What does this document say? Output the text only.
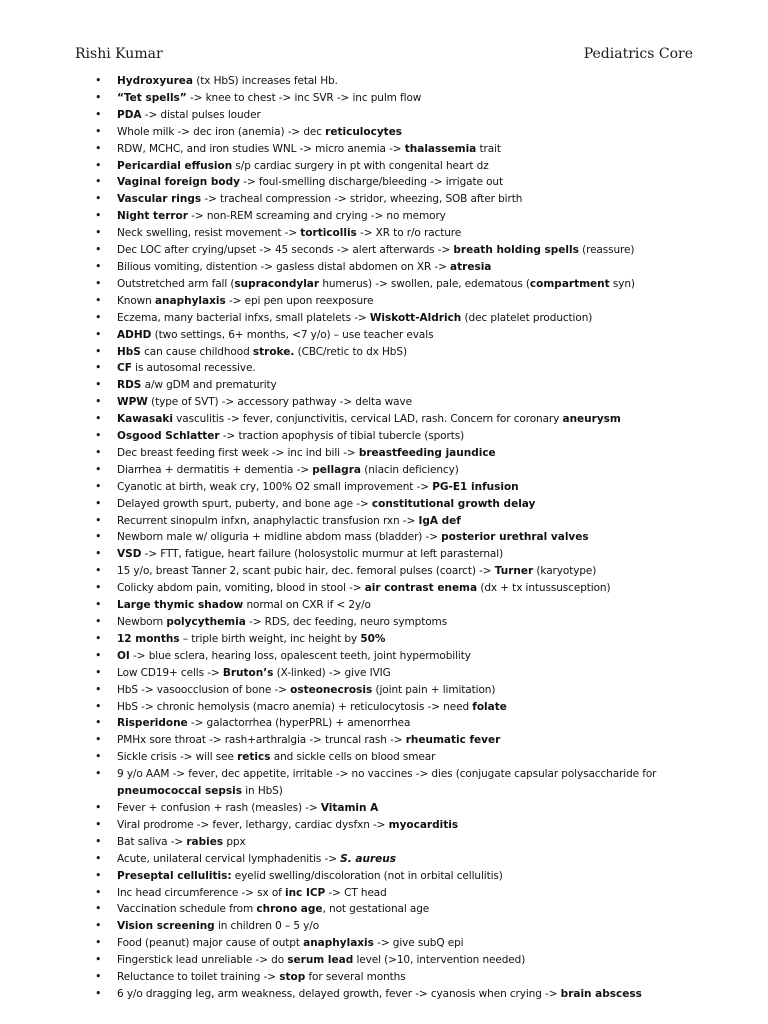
Rishi Kumar	Pediatrics Core
• Hydroxyurea (tx HbS) increases fetal Hb.
• “Tet spells” -> knee to chest -> inc SVR -> inc pulm flow
• PDA -> distal pulses louder
• Whole milk -> dec iron (anemia) -> dec reticulocytes
• RDW, MCHC, and iron studies WNL -> micro anemia -> thalassemia trait
• Pericardial effusion s/p cardiac surgery in pt with congenital heart dz
• Vaginal foreign body -> foul-smelling discharge/bleeding -> irrigate out
• Vascular rings -> tracheal compression -> stridor, wheezing, SOB after birth
• Night terror -> non-REM screaming and crying -> no memory
• Neck swelling, resist movement -> torticollis -> XR to r/o racture
• Dec LOC after crying/upset -> 45 seconds -> alert afterwards -> breath holding spells (reassure)
• Bilious vomiting, distention -> gasless distal abdomen on XR -> atresia
• Outstretched arm fall (supracondylar humerus) -> swollen, pale, edematous (compartment syn)
• Known anaphylaxis -> epi pen upon reexposure
• Eczema, many bacterial infxs, small platelets -> Wiskott-Aldrich (dec platelet production)
• ADHD (two settings, 6+ months, <7 y/o) – use teacher evals
• HbS can cause childhood stroke. (CBC/retic to dx HbS)
• CF is autosomal recessive.
• RDS a/w gDM and prematurity
• WPW (type of SVT) -> accessory pathway -> delta wave
• Kawasaki vasculitis -> fever, conjunctivitis, cervical LAD, rash. Concern for coronary aneurysm
• Osgood Schlatter -> traction apophysis of tibial tubercle (sports)
• Dec breast feeding first week -> inc ind bili -> breastfeeding jaundice
• Diarrhea + dermatitis + dementia -> pellagra (niacin deficiency)
• Cyanotic at birth, weak cry, 100% O2 small improvement -> PG-E1 infusion
• Delayed growth spurt, puberty, and bone age -> constitutional growth delay
• Recurrent sinopulm infxn, anaphylactic transfusion rxn -> IgA def
• Newborn male w/ oliguria + midline abdom mass (bladder) -> posterior urethral valves
• VSD -> FTT, fatigue, heart failure (holosystolic murmur at left parasternal)
• 15 y/o, breast Tanner 2, scant pubic hair, dec. femoral pulses (coarct) -> Turner (karyotype)
• Colicky abdom pain, vomiting, blood in stool -> air contrast enema (dx + tx intussusception)
• Large thymic shadow normal on CXR if < 2y/o
• Newborn polycythemia -> RDS, dec feeding, neuro symptoms
• 12 months – triple birth weight, inc height by 50%
• OI -> blue sclera, hearing loss, opalescent teeth, joint hypermobility
• Low CD19+ cells -> Bruton’s (X-linked) -> give IVIG
• HbS -> vasoocclusion of bone -> osteonecrosis (joint pain + limitation)
• HbS -> chronic hemolysis (macro anemia) + reticulocytosis -> need folate
• Risperidone -> galactorrhea (hyperPRL) + amenorrhea
• PMHx sore throat -> rash+arthralgia -> truncal rash -> rheumatic fever
• Sickle crisis -> will see retics and sickle cells on blood smear
• 9 y/o AAM -> fever, dec appetite, irritable -> no vaccines -> dies (conjugate capsular polysaccharide for pneumococcal sepsis in HbS)
• Fever + confusion + rash (measles) -> Vitamin A
• Viral prodrome -> fever, lethargy, cardiac dysfxn -> myocarditis
• Bat saliva -> rabies ppx
• Acute, unilateral cervical lymphadenitis -> S. aureus
• Preseptal cellulitis: eyelid swelling/discoloration (not in orbital cellulitis)
• Inc head circumference -> sx of inc ICP -> CT head
• Vaccination schedule from chrono age, not gestational age
• Vision screening in children 0 – 5 y/o
• Food (peanut) major cause of outpt anaphylaxis -> give subQ epi
• Fingerstick lead unreliable -> do serum lead level (>10, intervention needed)
• Reluctance to toilet training -> stop for several months
• 6 y/o dragging leg, arm weakness, delayed growth, fever -> cyanosis when crying -> brain abscess
